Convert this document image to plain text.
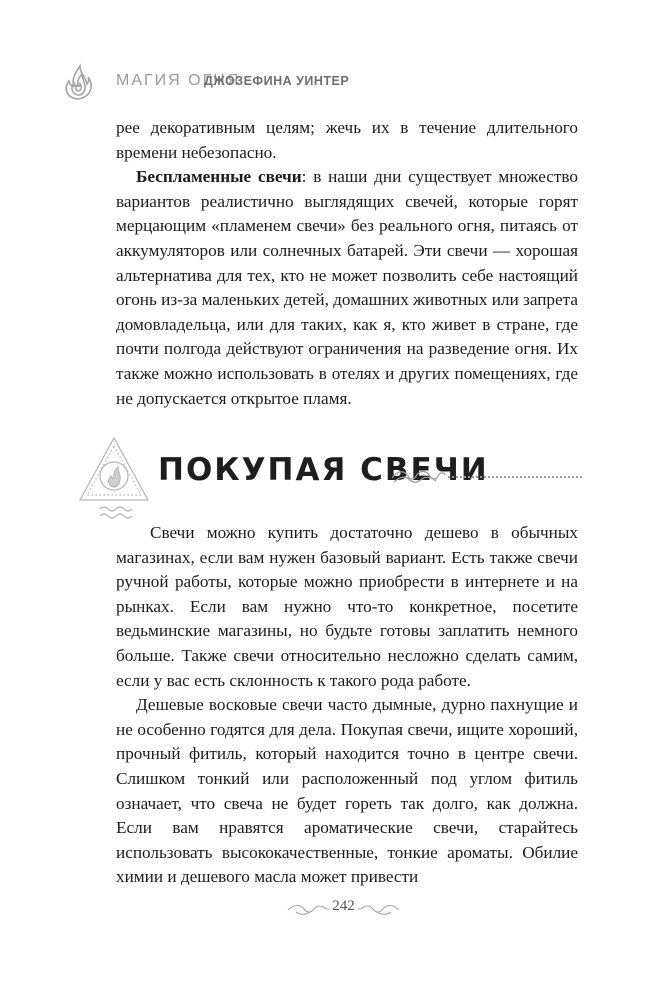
МАГИЯ ОГНЯ
ДЖОЗЕФИНА УИНТЕР

рее декоративным целям; жечь их в течение длительного времени небезопасно.

Беспламенные свечи: в наши дни существует множество вариантов реалистично выглядящих свечей, которые горят мерцающим «пламенем свечи» без реального огня, питаясь от аккумуляторов или солнечных батарей. Эти свечи — хорошая альтернатива для тех, кто не может позволить себе настоящий огонь из-за маленьких детей, домашних животных или запрета домовладельца, или для таких, как я, кто живет в стране, где почти полгода действуют ограничения на разведение огня. Их также можно использовать в отелях и других помещениях, где не допускается открытое пламя.

ПОКУПАЯ СВЕЧИ

Свечи можно купить достаточно дешево в обычных магазинах, если вам нужен базовый вариант. Есть также свечи ручной работы, которые можно приобрести в интернете и на рынках. Если вам нужно что-то конкретное, посетите ведьминские магазины, но будьте готовы заплатить немного больше. Также свечи относительно несложно сделать самим, если у вас есть склонность к такого рода работе.

Дешевые восковые свечи часто дымные, дурно пахнущие и не особенно годятся для дела. Покупая свечи, ищите хороший, прочный фитиль, который находится точно в центре свечи. Слишком тонкий или расположенный под углом фитиль означает, что свеча не будет гореть так долго, как должна. Если вам нравятся ароматические свечи, старайтесь использовать высококачественные, тонкие ароматы. Обилие химии и дешевого масла может привести

242
